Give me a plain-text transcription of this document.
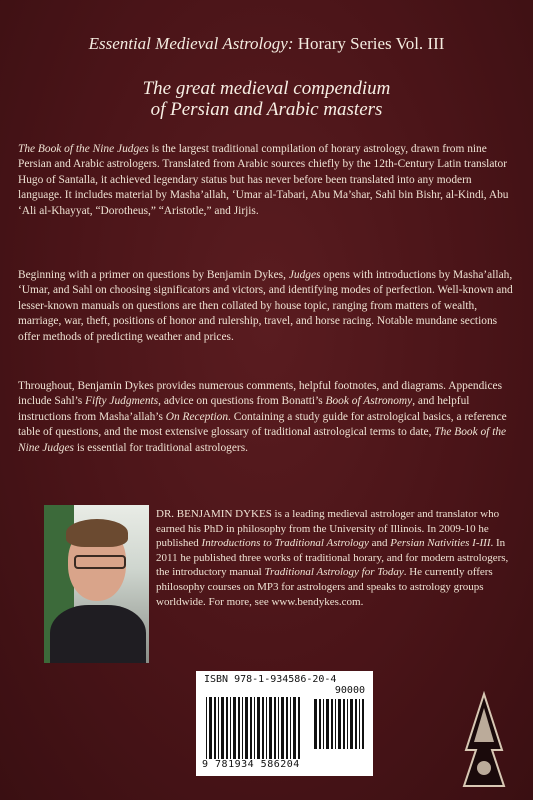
Essential Medieval Astrology: Horary Series Vol. III
The great medieval compendium
of Persian and Arabic masters
The Book of the Nine Judges is the largest traditional compilation of horary astrology, drawn from nine Persian and Arabic astrologers. Translated from Arabic sources chiefly by the 12th-Century Latin translator Hugo of Santalla, it achieved legendary status but has never before been translated into any modern language. It includes material by Masha’allah, ‘Umar al-Tabari, Abu Ma’shar, Sahl bin Bishr, al-Kindi, Abu ‘Ali al-Khayyat, “Dorotheus,” “Aristotle,” and Jirjis.
Beginning with a primer on questions by Benjamin Dykes, Judges opens with introductions by Masha’allah, ‘Umar, and Sahl on choosing significators and victors, and identifying modes of perfection. Well-known and lesser-known manuals on questions are then collated by house topic, ranging from matters of wealth, marriage, war, theft, positions of honor and rulership, travel, and horse racing. Notable mundane sections offer methods of predicting weather and prices.
Throughout, Benjamin Dykes provides numerous comments, helpful footnotes, and diagrams. Appendices include Sahl’s Fifty Judgments, advice on questions from Bonatti’s Book of Astronomy, and helpful instructions from Masha’allah’s On Reception. Containing a study guide for astrological basics, a reference table of questions, and the most extensive glossary of traditional astrological terms to date, The Book of the Nine Judges is essential for traditional astrologers.
DR. BENJAMIN DYKES is a leading medieval astrologer and translator who earned his PhD in philosophy from the University of Illinois. In 2009-10 he published Introductions to Traditional Astrology and Persian Nativities I-III. In 2011 he published three works of traditional horary, and for modern astrologers, the introductory manual Traditional Astrology for Today. He currently offers philosophy courses on MP3 for astrologers and speaks to astrology groups worldwide. For more, see www.bendykes.com.
ISBN 978-1-934586-20-4
90000
9 781934 586204
